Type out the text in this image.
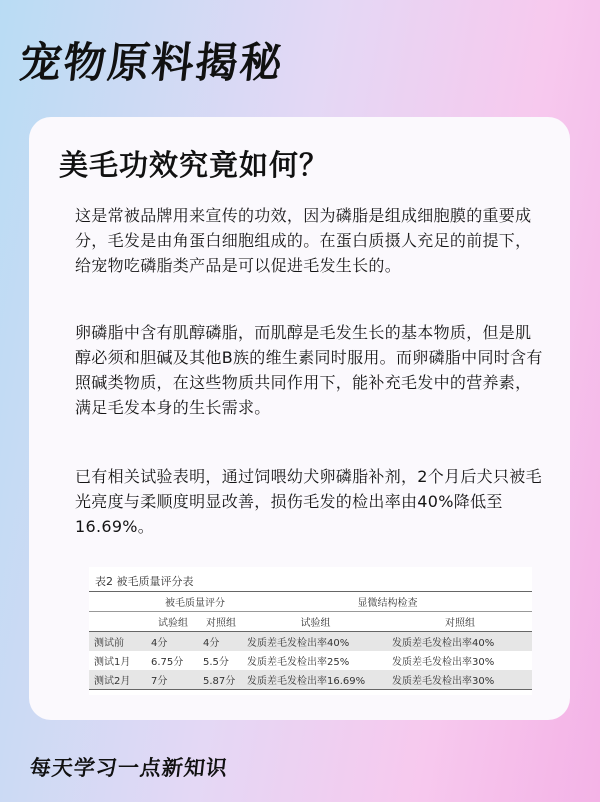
宠物原料揭秘
美毛功效究竟如何？

这是常被品牌用来宣传的功效，因为磷脂是组成细胞膜的重要成分，毛发是由角蛋白细胞组成的。在蛋白质摄人充足的前提下，给宠物吃磷脂类产品是可以促进毛发生长的。

卵磷脂中含有肌醇磷脂，而肌醇是毛发生长的基本物质，但是肌醇必须和胆碱及其他B族的维生素同时服用。而卵磷脂中同时含有照碱类物质，在这些物质共同作用下，能补充毛发中的营养素，满足毛发本身的生长需求。

已有相关试验表明，通过饲喂幼犬卵磷脂补剂，2个月后犬只被毛光亮度与柔顺度明显改善，损伤毛发的检出率由40%降低至16.69%。

表2 被毛质量评分表
	被毛质量评分		显微结构检查	
	试验组	对照组	试验组	对照组
测试前	4分	4分	发质差毛发检出率40%	发质差毛发检出率40%
测试1月	6.75分	5.5分	发质差毛发检出率25%	发质差毛发检出率30%
测试2月	7分	5.87分	发质差毛发检出率16.69%	发质差毛发检出率30%
每天学习一点新知识
